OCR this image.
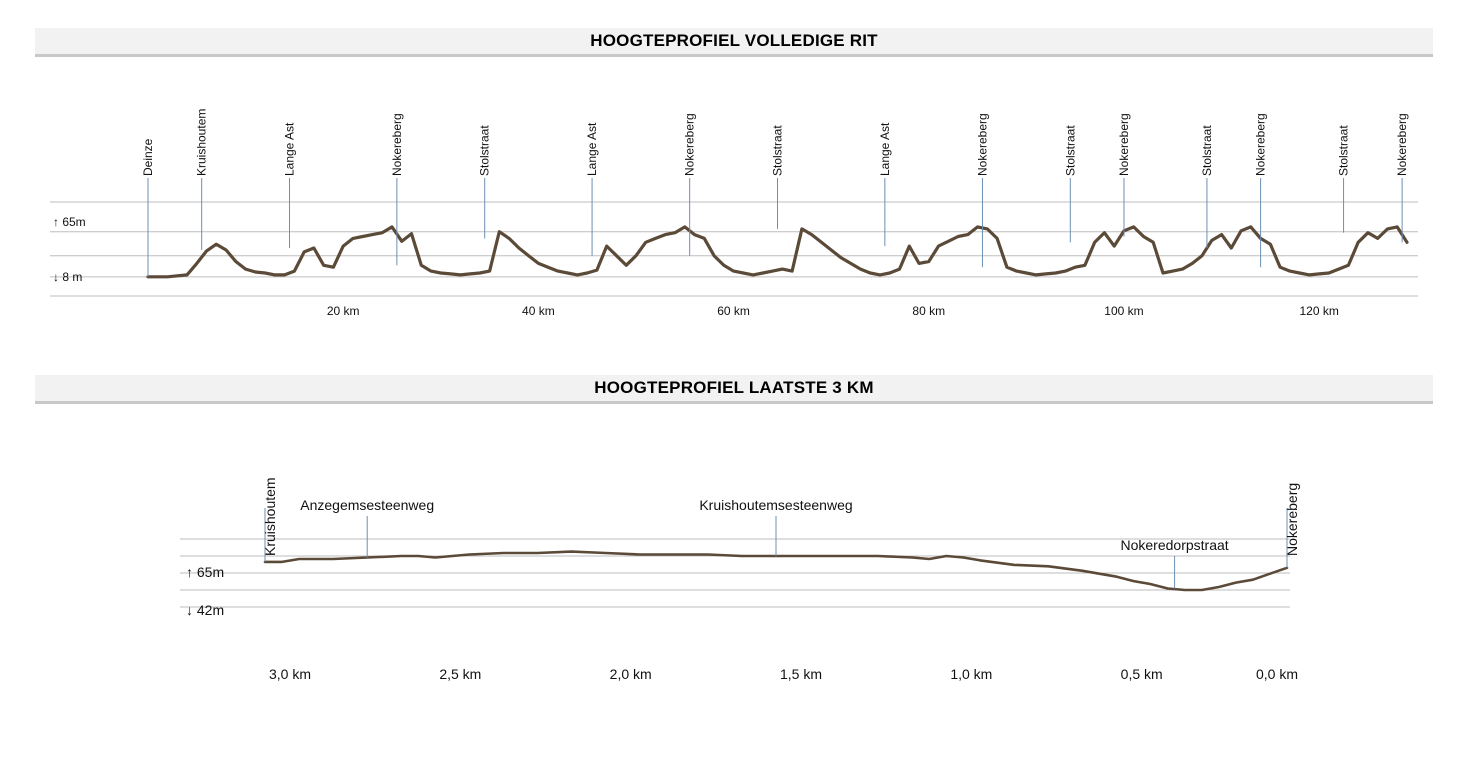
HOOGTEPROFIEL VOLLEDIGE RIT
HOOGTEPROFIEL LAATSTE 3 KM
↑ 65m
↓ 8 m
20 km	40 km	60 km	80 km	100 km	120 km
Deinze	Kruishoutem	Lange Ast	Nokereberg	Stolstraat	Lange Ast	Nokereberg	Stolstraat	Lange Ast	Nokereberg	Stolstraat	Nokereberg	Stolstraat	Nokereberg	Stolstraat	Nokereberg
↑ 65m
↓ 42m
3,0 km	2,5 km	2,0 km	1,5 km	1,0 km	0,5 km	0,0 km
Kruishoutem Anzegemsesteenweg	Kruishoutemsesteenweg
Nokeredorpstraat	Nokereberg
